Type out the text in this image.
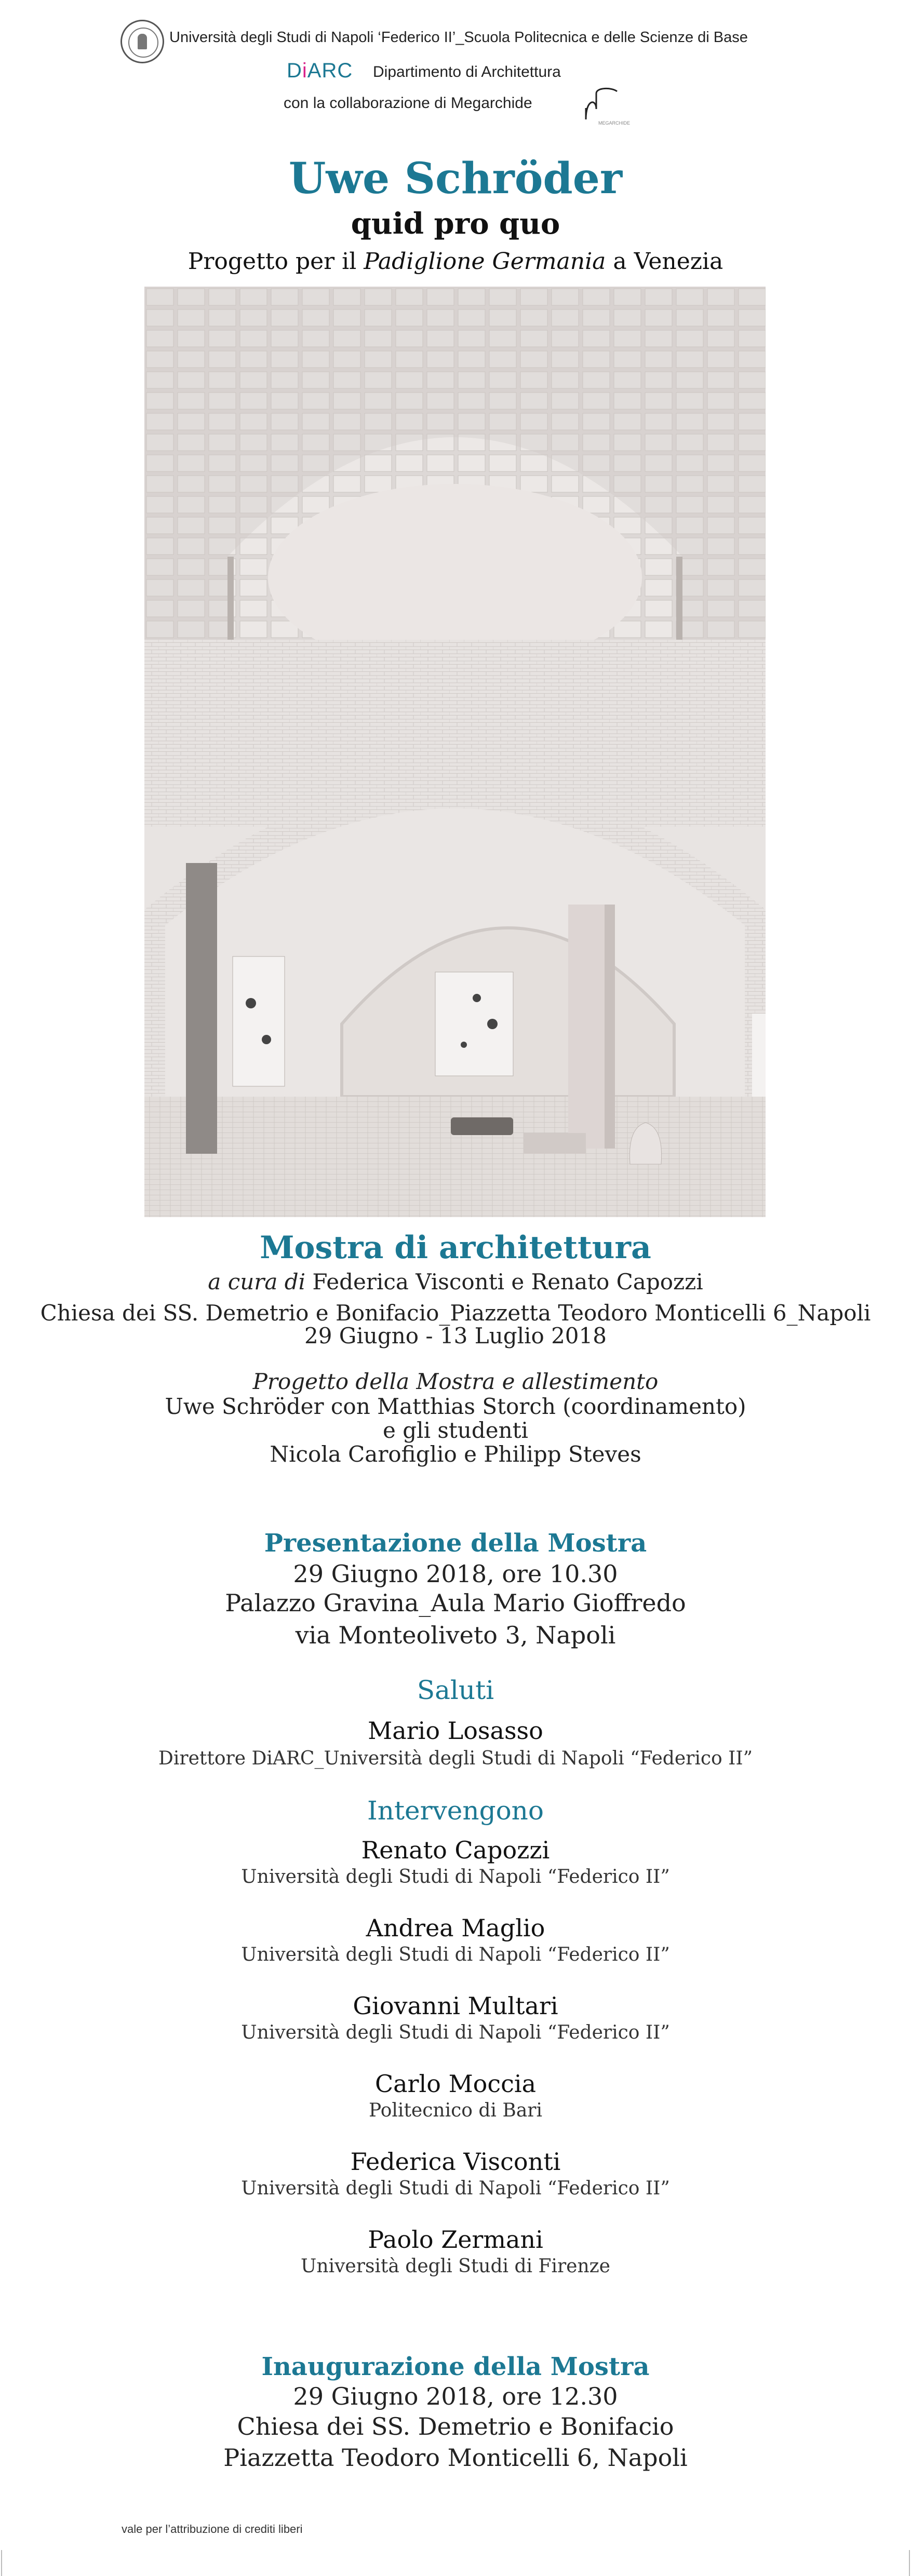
Università degli Studi di Napoli ‘Federico II’_Scuola Politecnica e delle Scienze di Base
DiARC Dipartimento di Architettura
con la collaborazione di Megarchide
MEGARCHIDE
Uwe Schröder
quid pro quo
Progetto per il Padiglione Germania a Venezia
Mostra di architettura
a cura di Federica Visconti e Renato Capozzi
Chiesa dei SS. Demetrio e Bonifacio_Piazzetta Teodoro Monticelli 6_Napoli
29 Giugno - 13 Luglio 2018
Progetto della Mostra e allestimento
Uwe Schröder con Matthias Storch (coordinamento)
e gli studenti
Nicola Carofiglio e Philipp Steves
Presentazione della Mostra
29 Giugno 2018, ore 10.30
Palazzo Gravina_Aula Mario Gioffredo
via Monteoliveto 3, Napoli
Saluti
Mario Losasso
Direttore DiARC_Università degli Studi di Napoli “Federico II”
Intervengono
Renato Capozzi
Università degli Studi di Napoli “Federico II”
Andrea Maglio
Università degli Studi di Napoli “Federico II”
Giovanni Multari
Università degli Studi di Napoli “Federico II”
Carlo Moccia
Politecnico di Bari
Federica Visconti
Università degli Studi di Napoli “Federico II”
Paolo Zermani
Università degli Studi di Firenze
Inaugurazione della Mostra
29 Giugno 2018, ore 12.30
Chiesa dei SS. Demetrio e Bonifacio
Piazzetta Teodoro Monticelli 6, Napoli
vale per l’attribuzione di crediti liberi
